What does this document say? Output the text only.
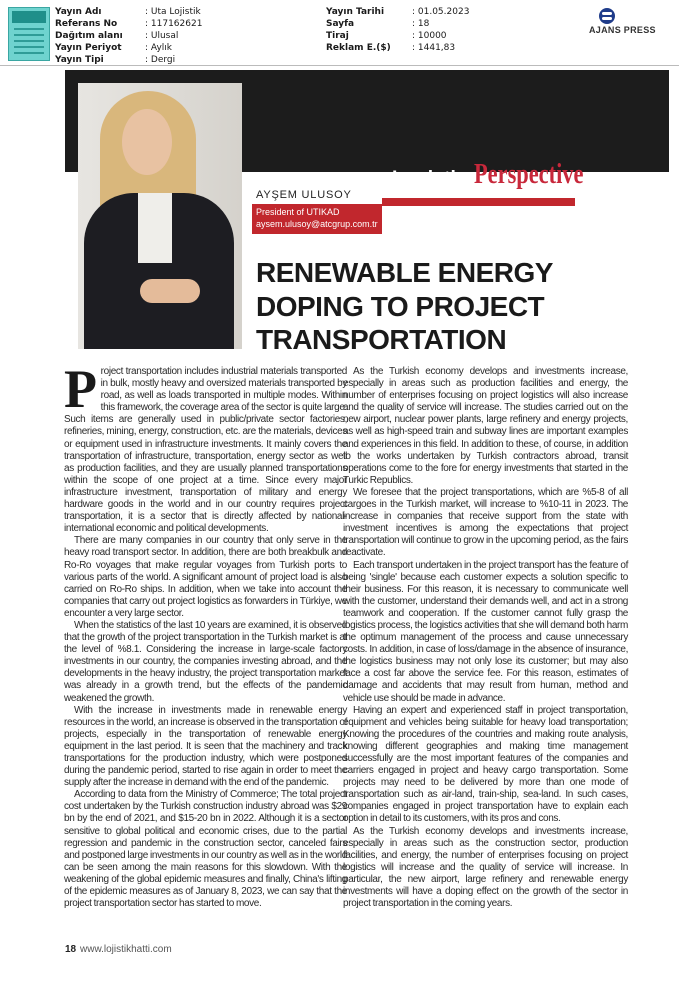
Yayın Adı	: Uta Lojistik
Referans No	: 117162621
Dağıtım alanı : Ulusal
Yayın Periyot	: Aylık
Yayın Tipi	: Dergi
Yayın Tarihi	: 01.05.2023
Sayfa	: 18
Tiraj	: 10000
Reklam E.($) : 1441,83
AJANS PRESS
Logistics
Perspective
AYŞEM ULUSOY
President of UTIKAD
aysem.ulusoy@atcgrup.com.tr
RENEWABLE ENERGY DOPING TO PROJECT TRANSPORTATION

Project transportation includes industrial materials transported in bulk, mostly heavy and oversized materials transported by road, as well as loads transported in multiple modes. Within this framework, the coverage area of the sector is quite large. Such items are generally used in public/private sector factories, refineries, mining, energy, construction, etc. are the materials, devices or equipment used in infrastructure investments. It mainly covers the transportation of infrastructure, transportation, energy sector as well as production facilities, and they are usually planned transportations within the scope of one project at a time. Since every major infrastructure investment, transportation of military and energy hardware goods in the world and in our country requires project transportation, it is a sector that is directly affected by national-international economic and political developments.

There are many companies in our country that only serve in the heavy road transport sector. In addition, there are both breakbulk and Ro-Ro voyages that make regular voyages from Turkish ports to various parts of the world. A significant amount of project load is also carried on Ro-Ro ships. In addition, when we take into account the companies that carry out project logistics as forwarders in Türkiye, we encounter a very large sector.

When the statistics of the last 10 years are examined, it is observed that the growth of the project transportation in the Turkish market is at the level of %8.1. Considering the increase in large-scale factory investments in our country, the companies investing abroad, and the developments in the heavy industry, the project transportation market was already in a growth trend, but the effects of the pandemic weakened the growth.

With the increase in investments made in renewable energy resources in the world, an increase is observed in the transportation of projects, especially in the transportation of renewable energy equipment in the last period. It is seen that the machinery and track transportations for the production industry, which were postponed during the pandemic period, started to rise again in order to meet the supply after the increase in demand with the end of the pandemic.

According to data from the Ministry of Commerce; The total project cost undertaken by the Turkish construction industry abroad was $29 bn by the end of 2021, and $15-20 bn in 2022. Although it is a sector sensitive to global political and economic crises, due to the partial regression and pandemic in the construction sector, canceled fairs and postponed large investments in our country as well as in the world can be seen among the main reasons for this slowdown. With the weakening of the global epidemic measures and finally, China's lifting of the epidemic measures as of January 8, 2023, we can say that the project transportation sector has started to move.

As the Turkish economy develops and investments increase, especially in areas such as production facilities and energy, the number of enterprises focusing on project logistics will also increase and the quality of service will increase. The studies carried out on the new airport, nuclear power plants, large refinery and energy projects, as well as high-speed train and subway lines are important examples and experiences in this field. In addition to these, of course, in addition to the works undertaken by Turkish contractors abroad, transit operations come to the fore for energy investments that started in the Turkic Republics.

We foresee that the project transportations, which are %5-8 of all cargoes in the Turkish market, will increase to %10-11 in 2023. The increase in companies that receive support from the state with investment incentives is among the expectations that project transportation will continue to grow in the upcoming period, as the fairs reactivate.

Each transport undertaken in the project transport has the feature of being 'single' because each customer expects a solution specific to their business. For this reason, it is necessary to communicate well with the customer, understand their demands well, and act in a strong teamwork and cooperation. If the customer cannot fully grasp the logistics process, the logistics activities that she will demand both harm the optimum management of the process and cause unnecessary costs. In addition, in case of loss/damage in the absence of insurance, the logistics business may not only lose its customer; but may also face a cost far above the service fee. For this reason, estimates of damage and accidents that may result from human, method and vehicle use should be made in advance.

Having an expert and experienced staff in project transportation, equipment and vehicles being suitable for heavy load transportation; Knowing the procedures of the countries and making route analysis, knowing different geographies and making time management successfully are the most important features of the companies and carriers engaged in project and heavy cargo transportation. Some projects may need to be delivered by more than one mode of transportation such as air-land, train-ship, sea-land. In such cases, companies engaged in project transportation have to explain each option in detail to its customers, with its pros and cons.

As the Turkish economy develops and investments increase, especially in areas such as the construction sector, production facilities, and energy, the number of enterprises focusing on project logistics will increase and the quality of service will increase. In particular, the new airport, large refinery and renewable energy investments will have a doping effect on the growth of the sector in project transportation in the coming years.

18 www.lojistikhatti.com
